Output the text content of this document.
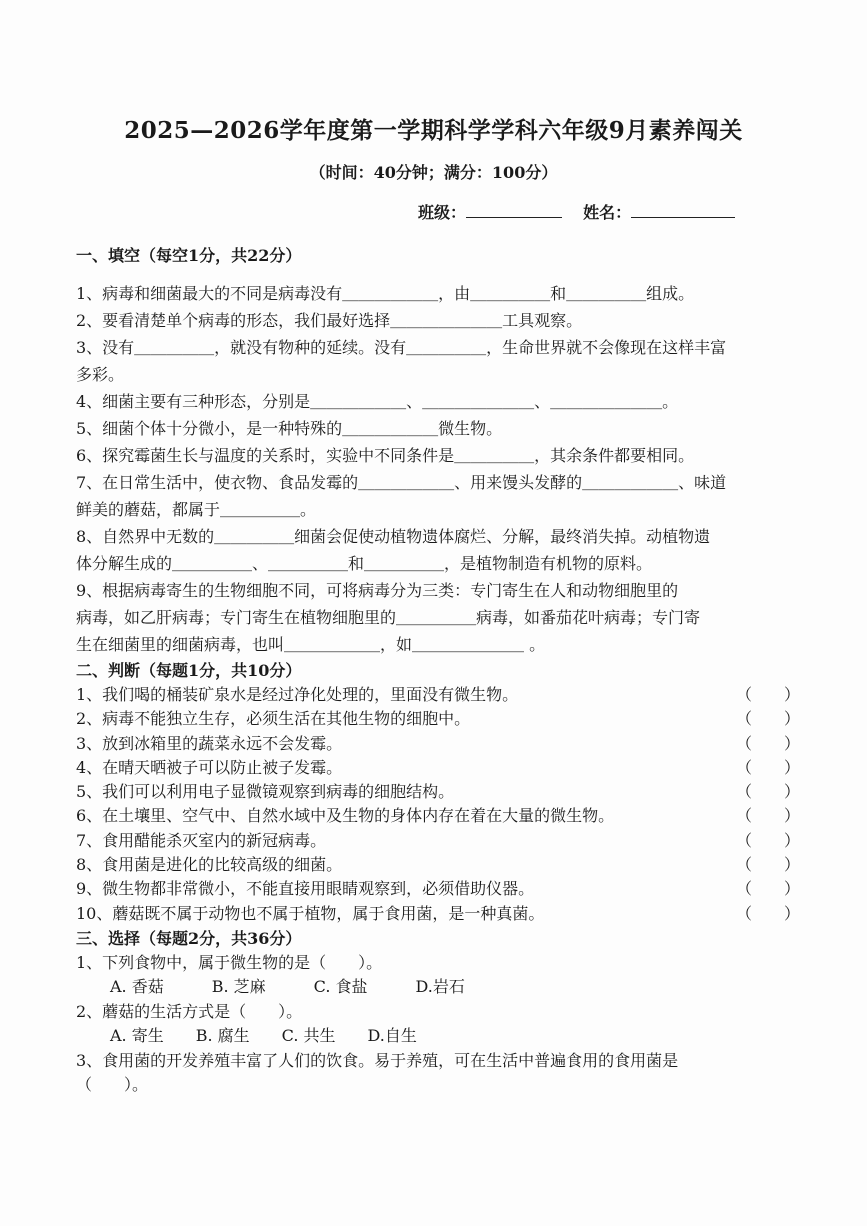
2025—2026学年度第一学期科学学科六年级9月素养闯关
（时间：40分钟；满分：100分）
班级：	姓名：
一、填空（每空1分，共22分）
1、病毒和细菌最大的不同是病毒没有＿＿＿＿＿＿，由＿＿＿＿＿和＿＿＿＿＿组成。
2、要看清楚单个病毒的形态，我们最好选择＿＿＿＿＿＿＿工具观察。
3、没有＿＿＿＿＿，就没有物种的延续。没有＿＿＿＿＿，生命世界就不会像现在这样丰富
多彩。
4、细菌主要有三种形态，分别是＿＿＿＿＿＿、＿＿＿＿＿＿＿、＿＿＿＿＿＿＿。
5、细菌个体十分微小，是一种特殊的＿＿＿＿＿＿微生物。
6、探究霉菌生长与温度的关系时，实验中不同条件是＿＿＿＿＿，其余条件都要相同。
7、在日常生活中，使衣物、食品发霉的＿＿＿＿＿＿、用来馒头发酵的＿＿＿＿＿＿、味道
鲜美的蘑菇，都属于＿＿＿＿＿。
8、自然界中无数的＿＿＿＿＿细菌会促使动植物遗体腐烂、分解，最终消失掉。动植物遗
体分解生成的＿＿＿＿＿、＿＿＿＿＿和＿＿＿＿＿，是植物制造有机物的原料。
9、根据病毒寄生的生物细胞不同，可将病毒分为三类：专门寄生在人和动物细胞里的
病毒，如乙肝病毒；专门寄生在植物细胞里的＿＿＿＿＿病毒，如番茄花叶病毒；专门寄
生在细菌里的细菌病毒，也叫＿＿＿＿＿＿，如＿＿＿＿＿＿＿ 。
二、判断（每题1分，共10分）
1、我们喝的桶装矿泉水是经过净化处理的，里面没有微生物。	（　　）
2、病毒不能独立生存，必须生活在其他生物的细胞中。	（　　）
3、放到冰箱里的蔬菜永远不会发霉。	（　　）
4、在晴天晒被子可以防止被子发霉。	（　　）
5、我们可以利用电子显微镜观察到病毒的细胞结构。	（　　）
6、在土壤里、空气中、自然水域中及生物的身体内存在着在大量的微生物。	（　　）
7、食用醋能杀灭室内的新冠病毒。	（　　）
8、食用菌是进化的比较高级的细菌。	（　　）
9、微生物都非常微小，不能直接用眼睛观察到，必须借助仪器。	（　　）
10、蘑菇既不属于动物也不属于植物，属于食用菌，是一种真菌。	（　　）
三、选择（每题2分，共36分）
1、下列食物中，属于微生物的是（　　）。
A. 香菇　　　B. 芝麻　　　C. 食盐　　　D.岩石
2、蘑菇的生活方式是（　　）。
A. 寄生　　B. 腐生　　C. 共生　　D.自生
3、食用菌的开发养殖丰富了人们的饮食。易于养殖，可在生活中普遍食用的食用菌是
（　　）。
